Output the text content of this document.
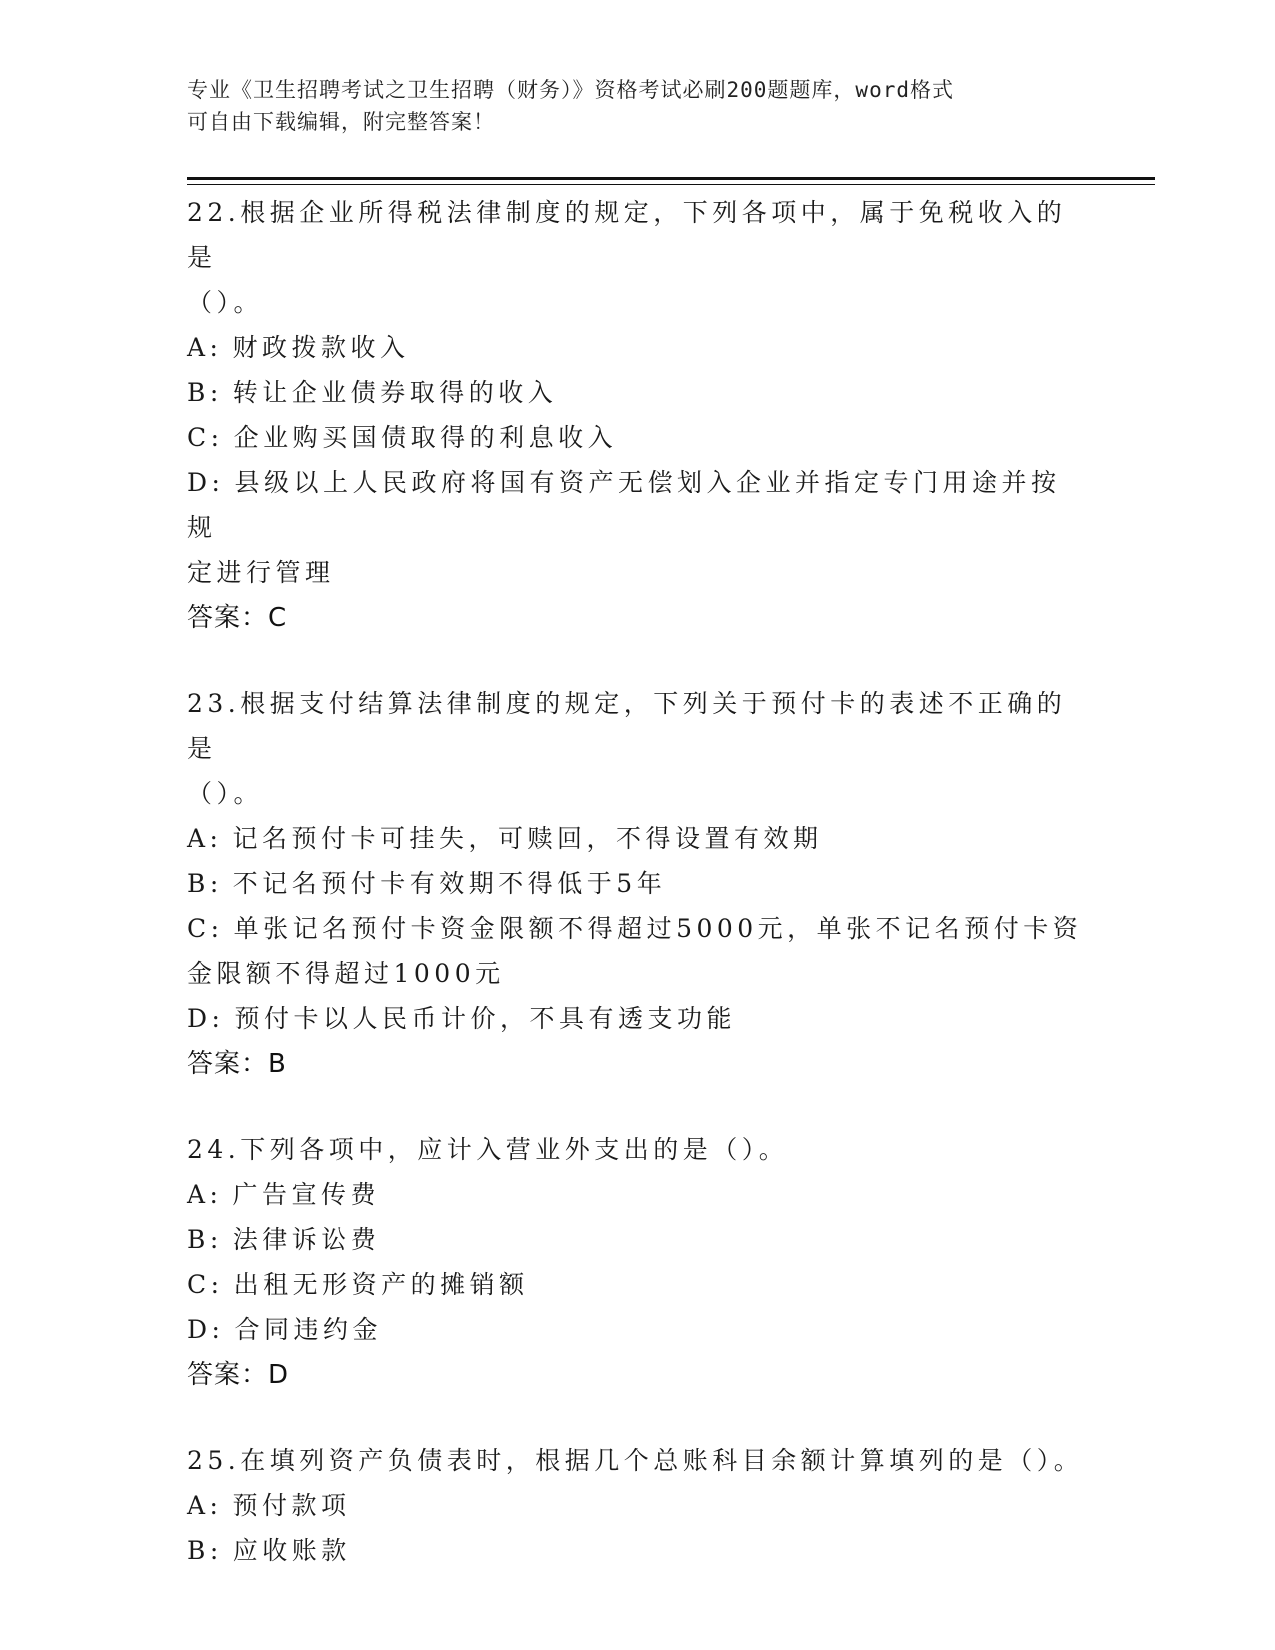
专业《卫生招聘考试之卫生招聘（财务）》资格考试必刷200题题库，word格式
可自由下载编辑，附完整答案！
22.根据企业所得税法律制度的规定，下列各项中，属于免税收入的是
（）。
A: 财政拨款收入
B: 转让企业债券取得的收入
C: 企业购买国债取得的利息收入
D: 县级以上人民政府将国有资产无偿划入企业并指定专门用途并按规
定进行管理
答案：C
23.根据支付结算法律制度的规定，下列关于预付卡的表述不正确的是
（）。
A: 记名预付卡可挂失，可赎回，不得设置有效期
B: 不记名预付卡有效期不得低于5年
C: 单张记名预付卡资金限额不得超过5000元，单张不记名预付卡资
金限额不得超过1000元
D: 预付卡以人民币计价，不具有透支功能
答案：B
24.下列各项中，应计入营业外支出的是（）。
A: 广告宣传费
B: 法律诉讼费
C: 出租无形资产的摊销额
D: 合同违约金
答案：D
25.在填列资产负债表时，根据几个总账科目余额计算填列的是（）。
A: 预付款项
B: 应收账款
